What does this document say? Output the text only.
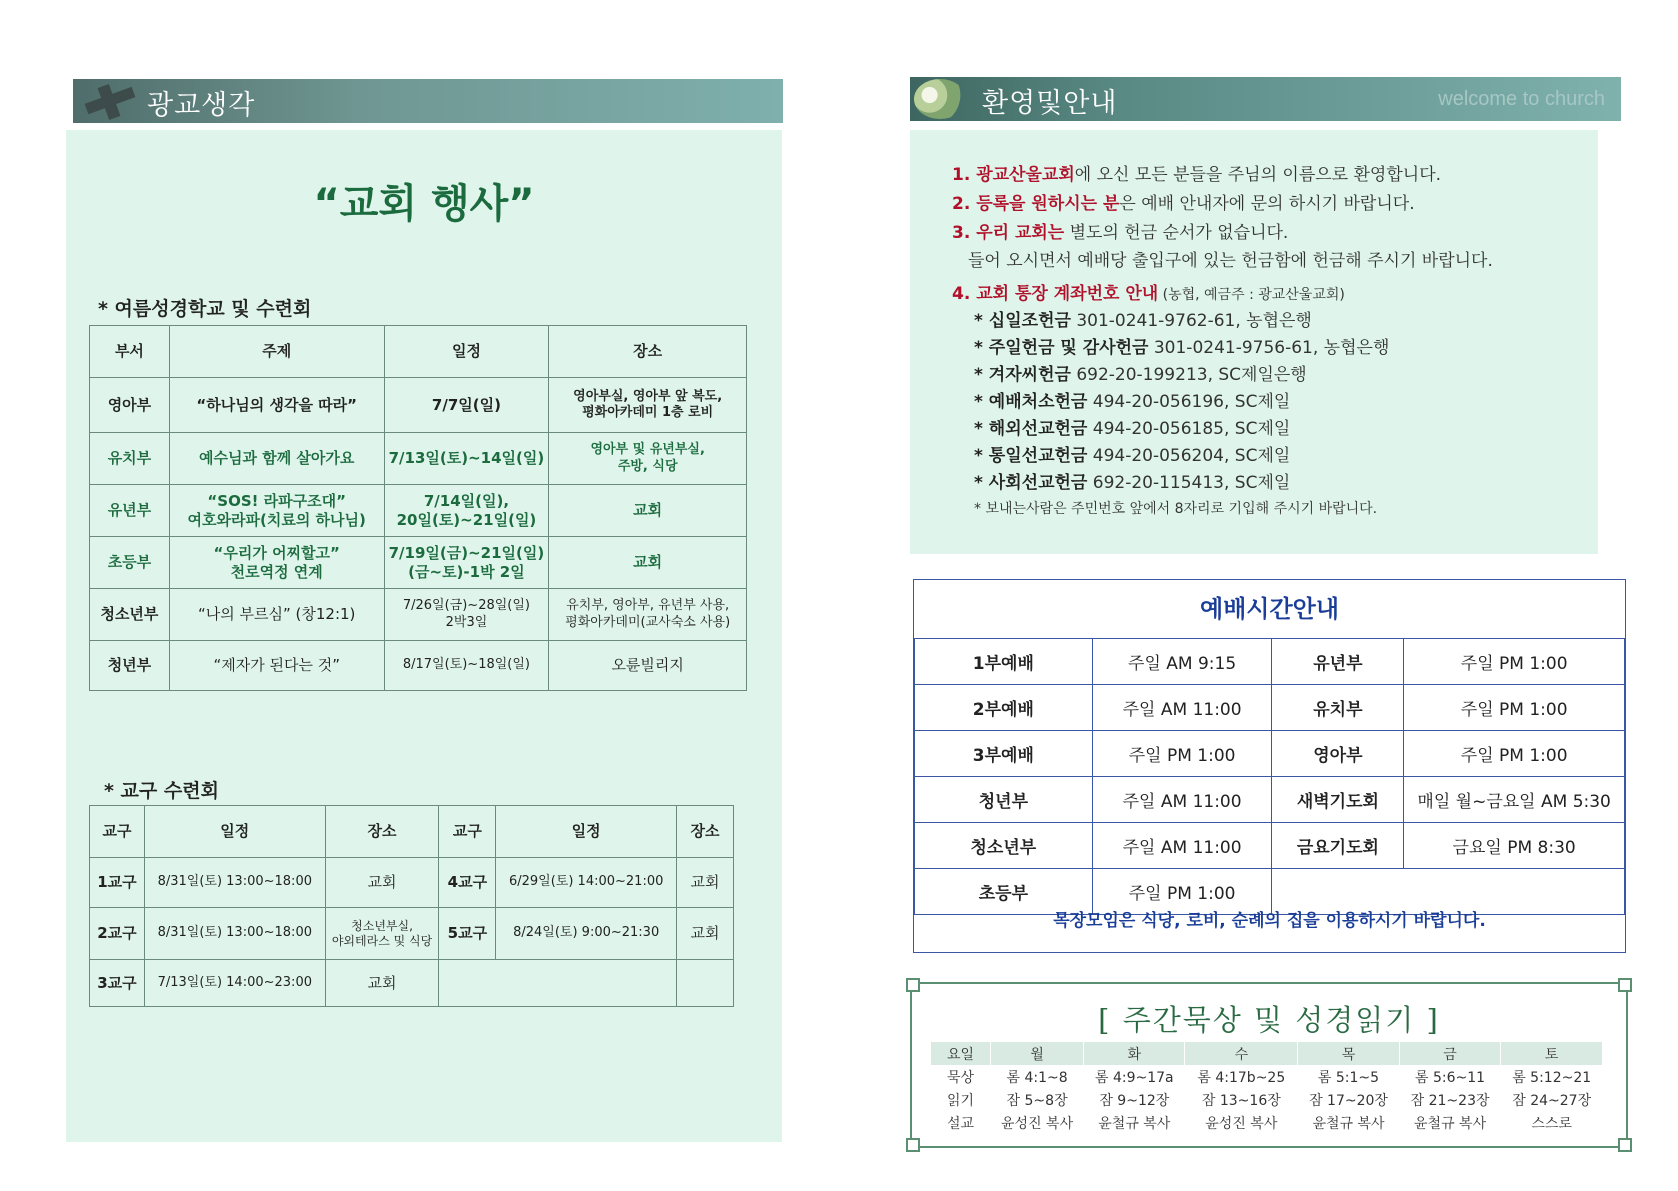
광교생각
“교회 행사”
* 여름성경학교 및 수련회
* 교구 수련회
부서	주제	일정	장소
영아부	“하나님의 생각을 따라”	7/7일(일)	영아부실, 영아부 앞 복도,
평화아카데미 1층 로비
유치부	예수님과 함께 살아가요	7/13일(토)~14일(일)	영아부 및 유년부실,
주방, 식당
유년부	“SOS! 라파구조대”
여호와라파(치료의 하나님)	7/14일(일),
20일(토)~21일(일)	교회
초등부	“우리가 어찌할고”
천로역정 연계	7/19일(금)~21일(일)
(금~토)-1박 2일	교회
청소년부	“나의 부르심” (창12:1)	7/26일(금)~28일(일)
2박3일	유치부, 영아부, 유년부 사용,
평화아카데미(교사숙소 사용)
청년부	“제자가 된다는 것”	8/17일(토)~18일(일)	오륜빌리지
교구	일정	장소	교구	일정	장소
1교구	8/31일(토) 13:00~18:00	교회	4교구	6/29일(토) 14:00~21:00	교회
2교구	8/31일(토) 13:00~18:00	청소년부실,
야외테라스 및 식당	5교구	8/24일(토) 9:00~21:30	교회
3교구	7/13일(토) 14:00~23:00	교회			
환영및안내	welcome to church
1. 광교산울교회에 오신 모든 분들을 주님의 이름으로 환영합니다.
2. 등록을 원하시는 분은 예배 안내자에 문의 하시기 바랍니다.
3. 우리 교회는 별도의 헌금 순서가 없습니다.
들어 오시면서 예배당 출입구에 있는 헌금함에 헌금해 주시기 바랍니다.
4. 교회 통장 계좌번호 안내 (농협, 예금주 : 광교산울교회)
* 십일조헌금 301-0241-9762-61, 농협은행
* 주일헌금 및 감사헌금 301-0241-9756-61, 농협은행
* 겨자씨헌금 692-20-199213, SC제일은행
* 예배처소헌금 494-20-056196, SC제일
* 해외선교헌금 494-20-056185, SC제일
* 통일선교헌금 494-20-056204, SC제일
* 사회선교헌금 692-20-115413, SC제일
* 보내는사람은 주민번호 앞에서 8자리로 기입해 주시기 바랍니다.
예배시간안내
1부예배	주일 AM 9:15	유년부	주일 PM 1:00
2부예배	주일 AM 11:00	유치부	주일 PM 1:00
3부예배	주일 PM 1:00	영아부	주일 PM 1:00
청년부	주일 AM 11:00	새벽기도회	매일 월~금요일 AM 5:30
청소년부	주일 AM 11:00	금요기도회	금요일 PM 8:30
초등부	주일 PM 1:00		
목장모임은 식당, 로비, 순례의 집을 이용하시기 바랍니다.
[ 주간묵상 및 성경읽기 ]
요일	월	화	수	목	금	토
묵상	롬 4:1~8	롬 4:9~17a	롬 4:17b~25	롬 5:1~5	롬 5:6~11	롬 5:12~21
읽기	잠 5~8장	잠 9~12장	잠 13~16장	잠 17~20장	잠 21~23장	잠 24~27장
설교	윤성진 복사	윤철규 복사	윤성진 복사	윤철규 복사	윤철규 복사	스스로
